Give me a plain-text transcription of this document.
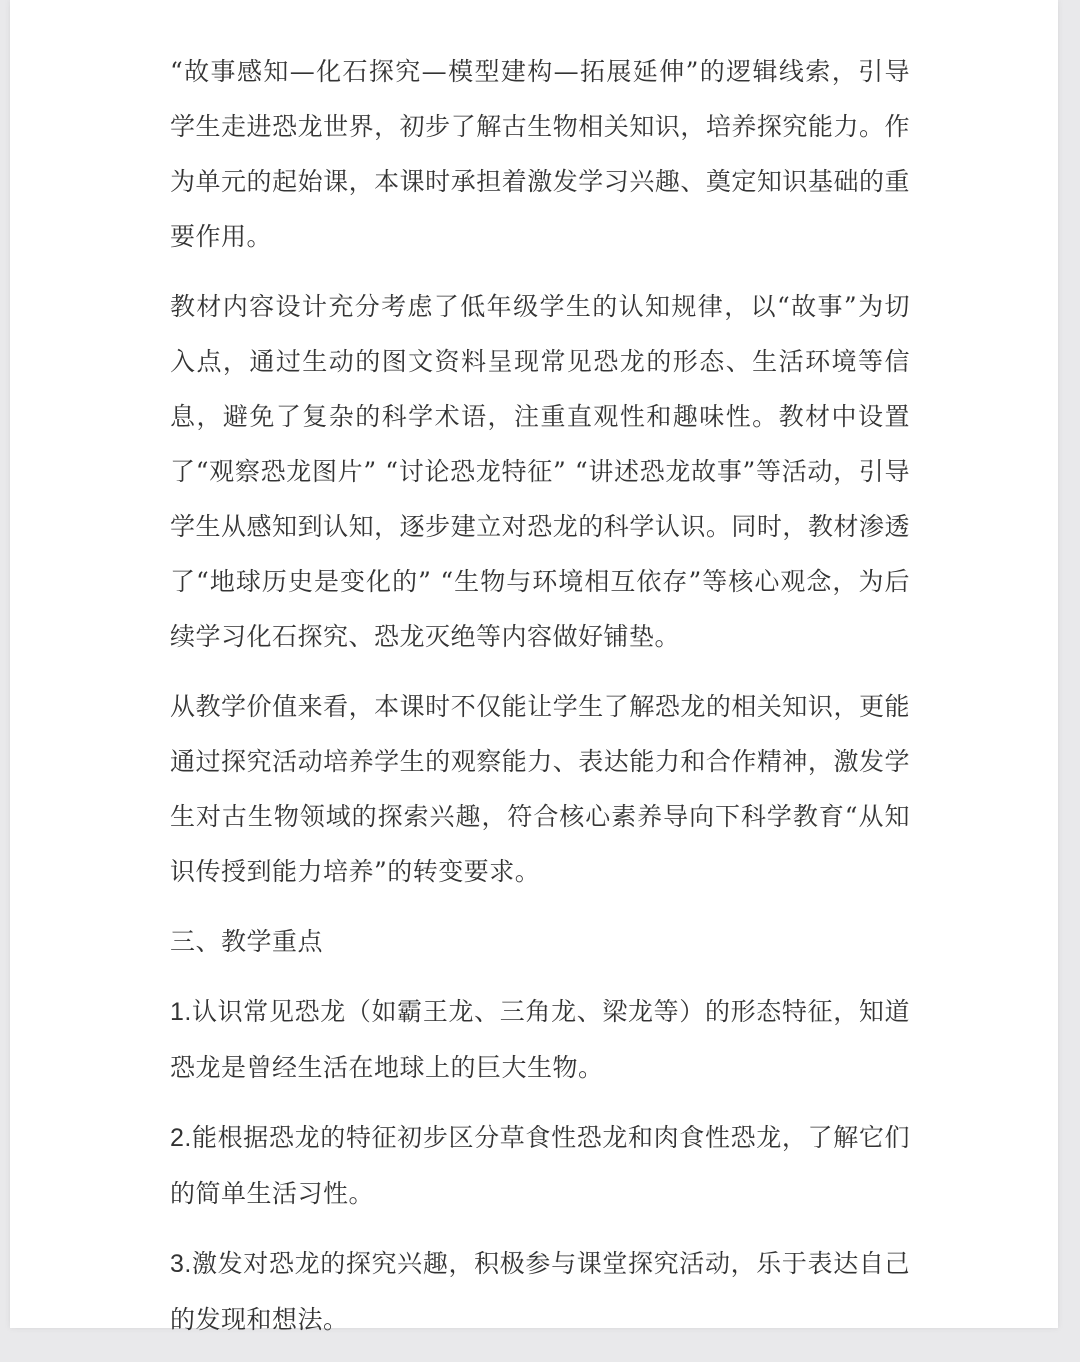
“故事感知—化石探究—模型建构—拓展延伸”的逻辑线索，引导学生走进恐龙世界，初步了解古生物相关知识，培养探究能力。作为单元的起始课，本课时承担着激发学习兴趣、奠定知识基础的重要作用。

教材内容设计充分考虑了低年级学生的认知规律，以“故事”为切入点，通过生动的图文资料呈现常见恐龙的形态、生活环境等信息，避免了复杂的科学术语，注重直观性和趣味性。教材中设置了“观察恐龙图片” “讨论恐龙特征” “讲述恐龙故事”等活动，引导学生从感知到认知，逐步建立对恐龙的科学认识。同时，教材渗透了“地球历史是变化的” “生物与环境相互依存”等核心观念，为后续学习化石探究、恐龙灭绝等内容做好铺垫。

从教学价值来看，本课时不仅能让学生了解恐龙的相关知识，更能通过探究活动培养学生的观察能力、表达能力和合作精神，激发学生对古生物领域的探索兴趣，符合核心素养导向下科学教育“从知识传授到能力培养”的转变要求。

三、教学重点

1.认识常见恐龙（如霸王龙、三角龙、梁龙等）的形态特征，知道恐龙是曾经生活在地球上的巨大生物。

2.能根据恐龙的特征初步区分草食性恐龙和肉食性恐龙，了解它们的简单生活习性。

3.激发对恐龙的探究兴趣，积极参与课堂探究活动，乐于表达自己的发现和想法。
